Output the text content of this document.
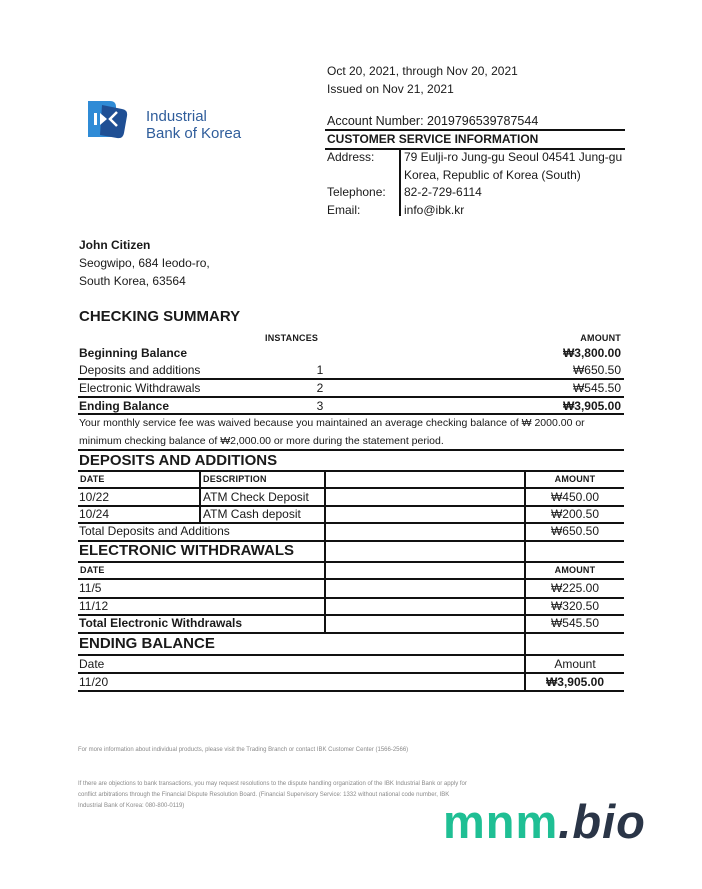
Industrial
Bank of Korea
Oct 20, 2021, through Nov 20, 2021
Issued on Nov 21, 2021
Account Number: 2019796539787544
CUSTOMER SERVICE INFORMATION
Address: 79 Eulji-ro Jung-gu Seoul 04541 Jung-gu
Korea, Republic of Korea (South)
Telephone: 82-2-729-6114
Email:	info@ibk.kr
John Citizen
Seogwipo, 684 Ieodo-ro,
South Korea, 63564
CHECKING SUMMARY
INSTANCES	AMOUNT
Beginning Balance	₩3,800.00
Deposits and additions	1	₩650.50
Electronic Withdrawals	2	₩545.50
Ending Balance	3	₩3,905.00
Your monthly service fee was waived because you maintained an average checking balance of ₩ 2000.00 or
minimum checking balance of ₩2,000.00 or more during the statement period.
DEPOSITS AND ADDITIONS
DATE	DESCRIPTION	AMOUNT
10/22	ATM Check Deposit	₩450.00
10/24	ATM Cash deposit	₩200.50
Total Deposits and Additions	₩650.50
ELECTRONIC WITHDRAWALS
DATE	AMOUNT
11/5	₩225.00
11/12	₩320.50
Total Electronic Withdrawals	₩545.50
ENDING BALANCE
Date	Amount
11/20	₩3,905.00
For more information about individual products, please visit the Trading Branch or contact IBK Customer Center (1566-2566)
If there are objections to bank transactions, you may request resolutions to the dispute handling organization of the IBK Industrial Bank or apply for
conflict arbitrations through the Financial Dispute Resolution Board. (Financial Supervisory Service: 1332 without national code number, IBK
Industrial Bank of Korea: 080-800-0119)	mnm.bio
